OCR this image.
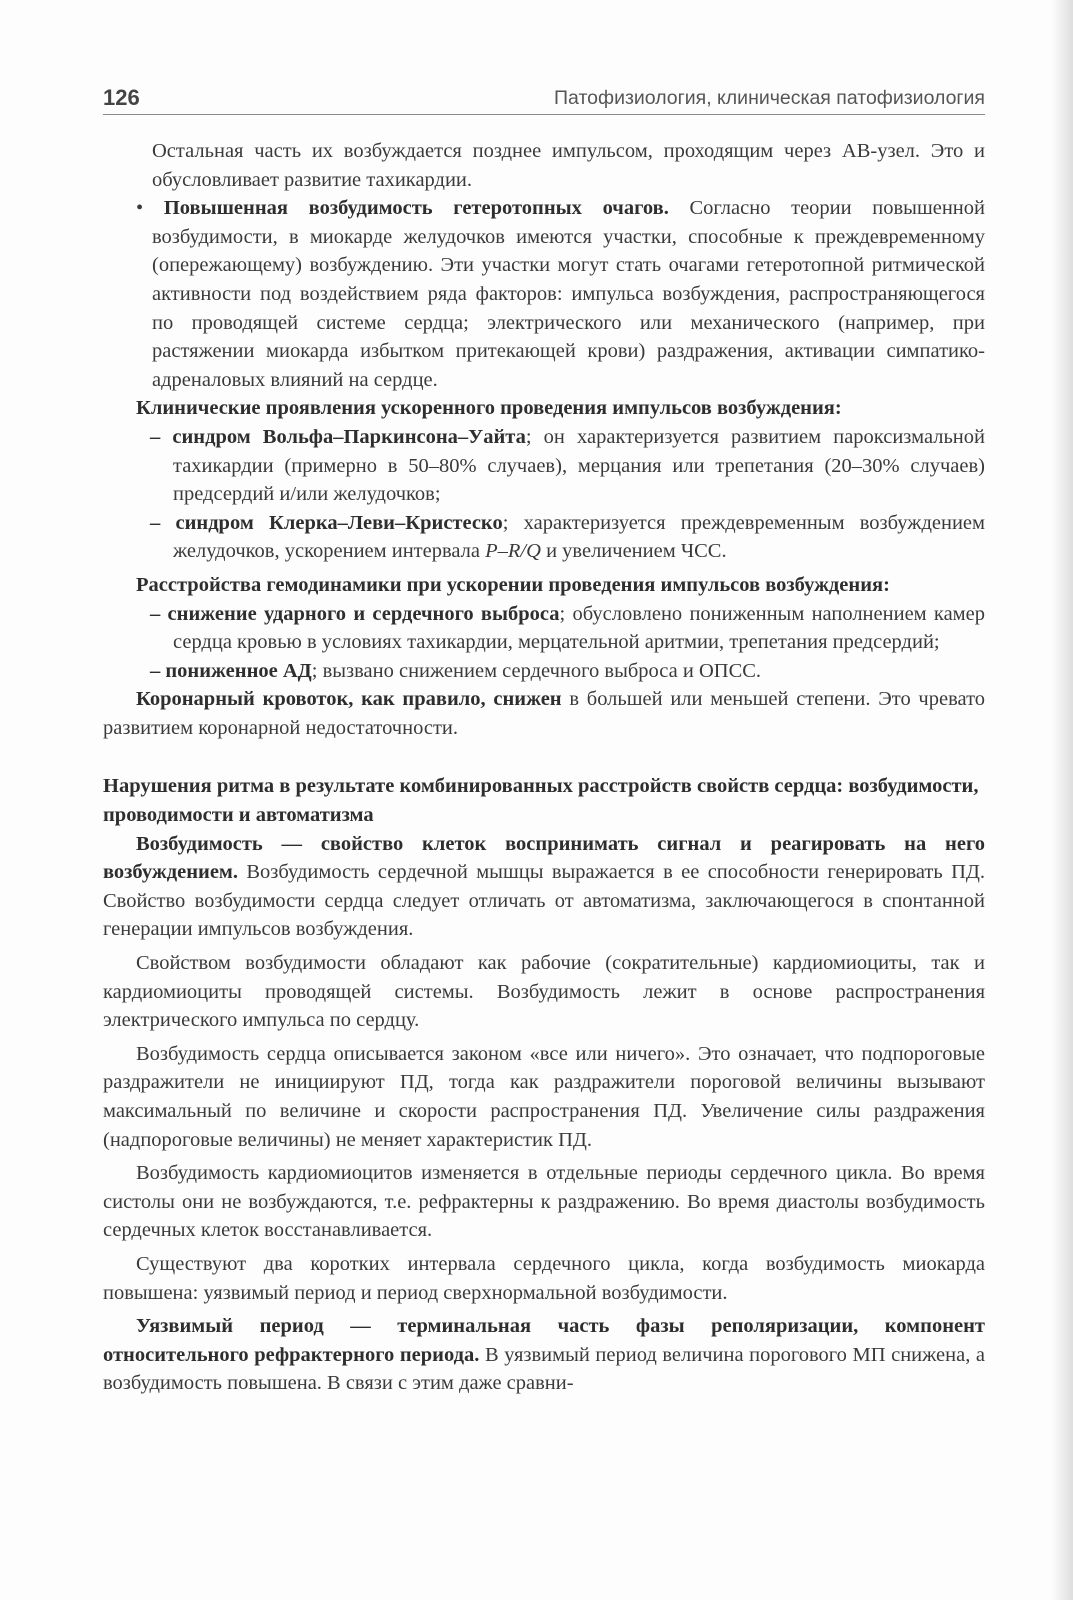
126	Патофизиология, клиническая патофизиология

Остальная часть их возбуждается позднее импульсом, проходящим через АВ-узел. Это и обусловливает развитие тахикардии.

• Повышенная возбудимость гетеротопных очагов. Согласно теории повышенной возбудимости, в миокарде желудочков имеются участки, способные к преждевременному (опережающему) возбуждению. Эти участки могут стать очагами гетеротопной ритмической активности под воздействием ряда факторов: импульса возбуждения, распространяющегося по проводящей системе сердца; электрического или механического (например, при растяжении миокарда избытком притекающей крови) раздражения, активации симпатико-адреналовых влияний на сердце.

Клинические проявления ускоренного проведения импульсов возбуждения:

– синдром Вольфа–Паркинсона–Уайта; он характеризуется развитием пароксизмальной тахикардии (примерно в 50–80% случаев), мерцания или трепетания (20–30% случаев) предсердий и/или желудочков;

– синдром Клерка–Леви–Кристеско; характеризуется преждевременным возбуждением желудочков, ускорением интервала P–R/Q и увеличением ЧСС.

Расстройства гемодинамики при ускорении проведения импульсов возбуждения:

– снижение ударного и сердечного выброса; обусловлено пониженным наполнением камер сердца кровью в условиях тахикардии, мерцательной аритмии, трепетания предсердий;

– пониженное АД; вызвано снижением сердечного выброса и ОПСС.

Коронарный кровоток, как правило, снижен в большей или меньшей степени. Это чревато развитием коронарной недостаточности.

Нарушения ритма в результате комбинированных расстройств свойств сердца: возбудимости, проводимости и автоматизма

Возбудимость — свойство клеток воспринимать сигнал и реагировать на него возбуждением. Возбудимость сердечной мышцы выражается в ее способности генерировать ПД. Свойство возбудимости сердца следует отличать от автоматизма, заключающегося в спонтанной генерации импульсов возбуждения.

Свойством возбудимости обладают как рабочие (сократительные) кардиомиоциты, так и кардиомиоциты проводящей системы. Возбудимость лежит в основе распространения электрического импульса по сердцу.

Возбудимость сердца описывается законом «все или ничего». Это означает, что подпороговые раздражители не инициируют ПД, тогда как раздражители пороговой величины вызывают максимальный по величине и скорости распространения ПД. Увеличение силы раздражения (надпороговые величины) не меняет характеристик ПД.

Возбудимость кардиомиоцитов изменяется в отдельные периоды сердечного цикла. Во время систолы они не возбуждаются, т.е. рефрактерны к раздражению. Во время диастолы возбудимость сердечных клеток восстанавливается.

Существуют два коротких интервала сердечного цикла, когда возбудимость миокарда повышена: уязвимый период и период сверхнормальной возбудимости.

Уязвимый период — терминальная часть фазы реполяризации, компонент относительного рефрактерного периода. В уязвимый период величина порогового МП снижена, а возбудимость повышена. В связи с этим даже сравни-
